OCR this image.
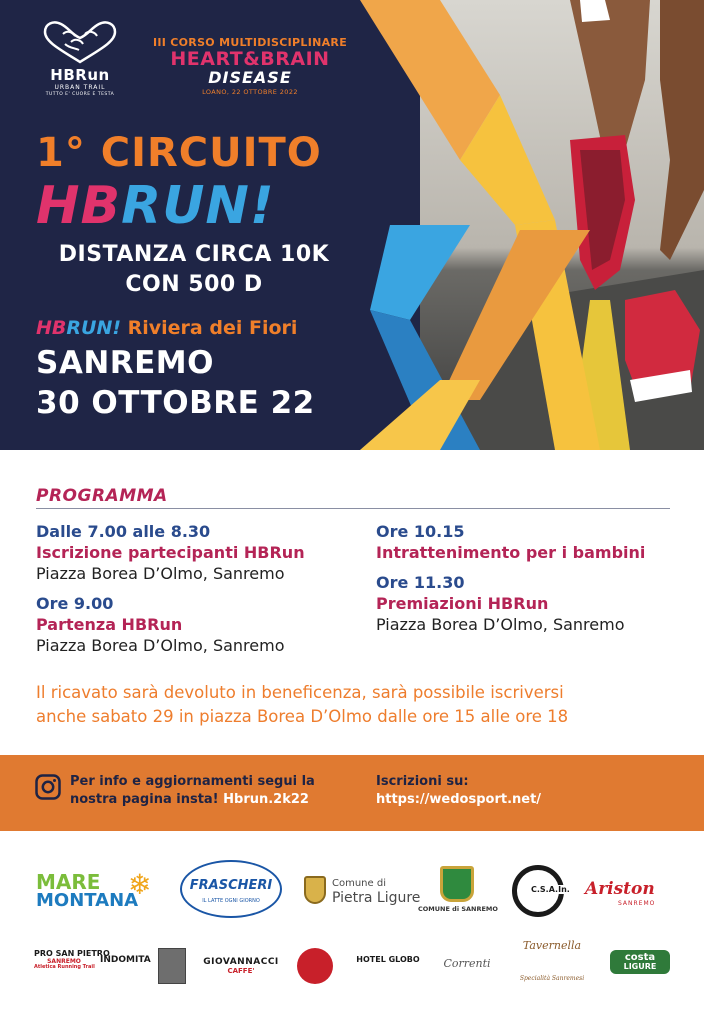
HBRun
URBAN TRAIL
TUTTO E' CUORE E TESTA
III CORSO MULTIDISCIPLINARE
HEART&BRAIN
DISEASE
LOANO, 22 OTTOBRE 2022
1° CIRCUITO
HBRUN!
DISTANZA CIRCA 10K
CON 500 D
HBRUN! Riviera dei Fiori
SANREMO
30 OTTOBRE 22
PROGRAMMA
Dalle 7.00 alle 8.30
Iscrizione partecipanti HBRun
Piazza Borea D’Olmo, Sanremo
Ore 9.00
Partenza HBRun
Piazza Borea D’Olmo, Sanremo
Ore 10.15
Intrattenimento per i bambini
Ore 11.30
Premiazioni HBRun
Piazza Borea D’Olmo, Sanremo
Il ricavato sarà devoluto in beneficenza, sarà possibile iscriversi
anche sabato 29 in piazza Borea D’Olmo dalle ore 15 alle ore 18
Per info e aggiornamenti segui la
nostra pagina insta! Hbrun.2k22
Iscrizioni su:
https://wedosport.net/
MARE
MONTANA
❄	FRASCHERI
IL LATTE OGNI GIORNO
Comune di
Pietra Ligure
COMUNE di SANREMO
C.S.A.In. Ariston
SANREMO
PRO SAN PIETRO
SANREMO
Atletica Running Trail
INDOMITA	GIOVANNACCI
CAFFE'
HOTEL GLOBO	Correnti
Tavernella
Specialità Sanremesi
costa
LIGURE
